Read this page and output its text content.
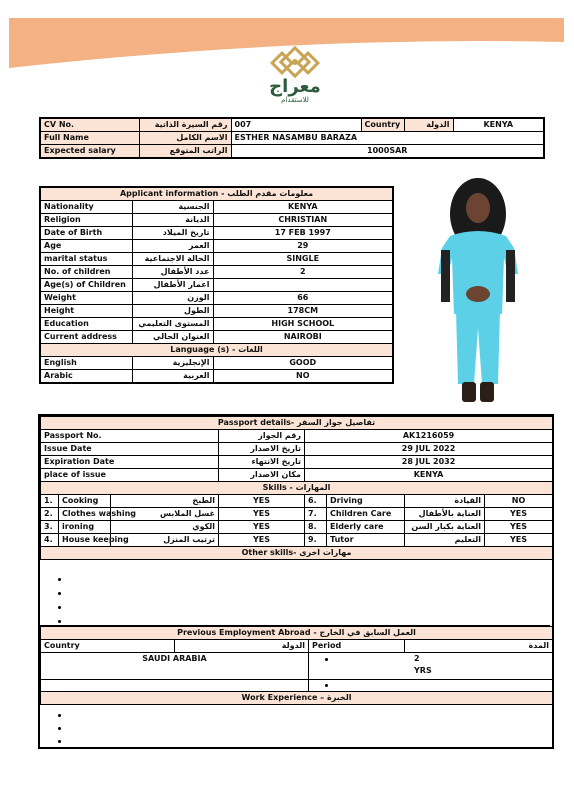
معراج
للاستقدام
CV No.	رقم السيرة الذاتية	007	Country	الدولة	KENYA
Full Name	الاسم الكامل	ESTHER NASAMBU BARAZA			
Expected salary	الراتب المتوقع	1000SAR			
Applicant information - معلومات مقدم الطلب		
Nationality	الجنسية	KENYA
Religion	الديانة	CHRISTIAN
Date of Birth	تاريخ الميلاد	17 FEB 1997
Age	العمر	29
marital status	الحالة الاجتماعية	SINGLE
No. of children	عدد الأطفال	2
Age(s) of Children	اعمار الأطفال	
Weight	الوزن	66
Height	الطول	178CM
Education	المستوى التعليمي	HIGH SCHOOL
Current address	العنوان الحالي	NAIROBI
Language (s) - اللغات		
English	الإنجليزية	GOOD
Arabic	العربية	NO
Passport details- تفاصيل جواز السفر							
Passport No.			رقم الجواز	AK1216059			
Issue Date			تاريخ الاصدار	29 JUL 2022			
Expiration Date			تاريخ الانتهاء	28 JUL 2032			
place of issue			مكان الاصدار	KENYA			
Skills - المهارات							
1.	Cooking	الطبخ	YES	6.	Driving	القيادة	NO
2.	Clothes washing	غسل الملابس	YES	7.	Children Care	العناية بالأطفال	YES
3.	ironing	الكوي	YES	8.	Elderly care	العناية بكبار السن	YES
4.	House keeping	ترتيب المنزل	YES	9.	Tutor	التعليم	YES
Other skills- مهارات اخرى							
Previous Employment Abroad - العمل السابق في الخارج			
Country	الدولة	Period	المدة
SAUDI ARABIA		2
YRS	

Work Experience – الخبرة			
